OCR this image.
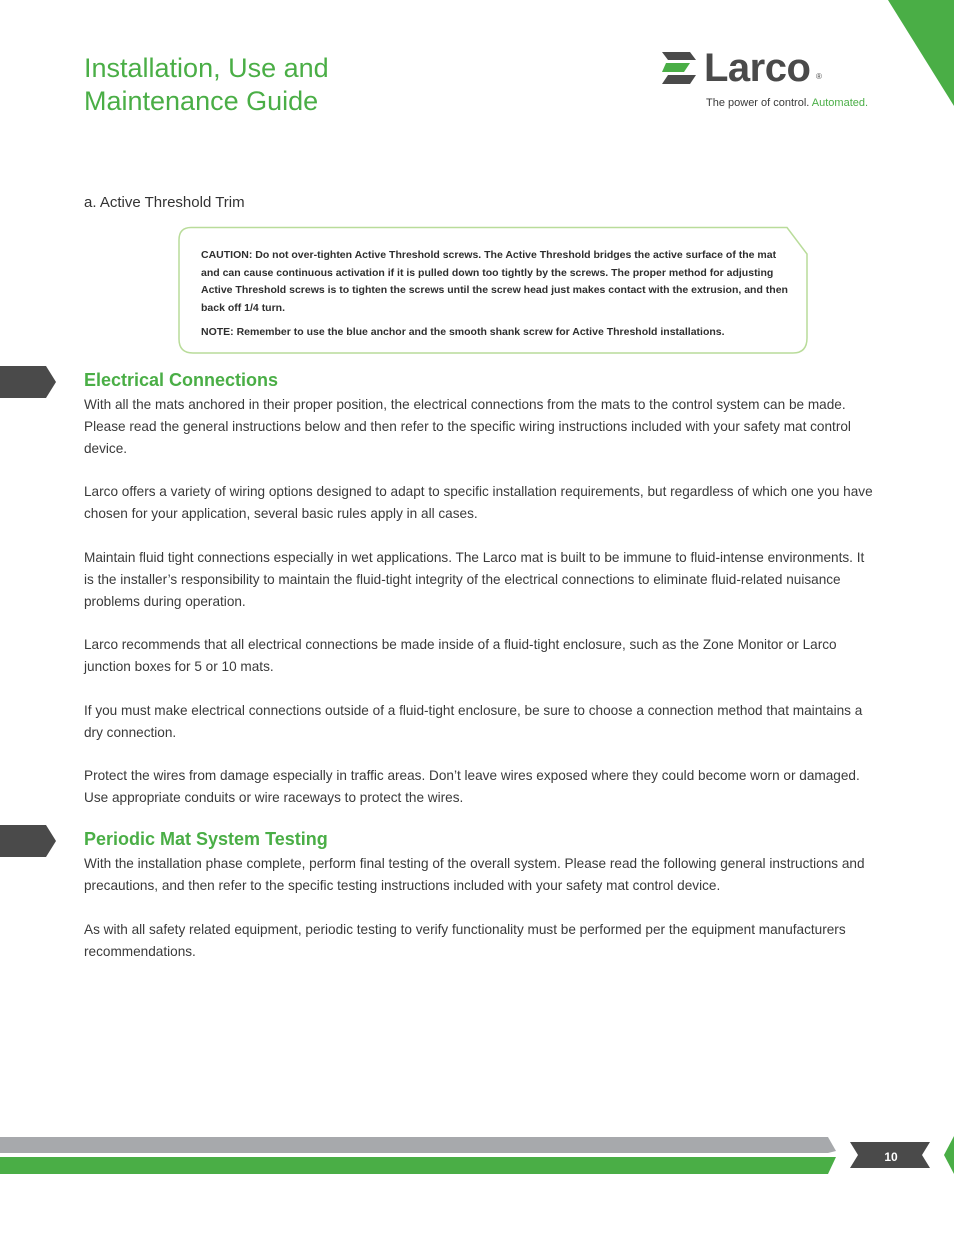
Installation, Use and
Maintenance Guide
Larco ®
The power of control. Automated.
a. Active Threshold Trim

CAUTION: Do not over-tighten Active Threshold screws. The Active Threshold bridges the active surface of the mat and can cause continuous activation if it is pulled down too tightly by the screws. The proper method for adjusting Active Threshold screws is to tighten the screws until the screw head just makes contact with the extrusion, and then back off 1/4 turn.

NOTE: Remember to use the blue anchor and the smooth shank screw for Active Threshold installations.

Electrical Connections

With all the mats anchored in their proper position, the electrical connections from the mats to the control system can be made. Please read the general instructions below and then refer to the specific wiring instructions included with your safety mat control device.

Larco offers a variety of wiring options designed to adapt to specific installation requirements, but regardless of which one you have chosen for your application, several basic rules apply in all cases.

Maintain fluid tight connections especially in wet applications. The Larco mat is built to be immune to fluid-intense environments. It is the installer’s responsibility to maintain the fluid-tight integrity of the electrical connections to eliminate fluid-related nuisance problems during operation.

Larco recommends that all electrical connections be made inside of a fluid-tight enclosure, such as the Zone Monitor or Larco junction boxes for 5 or 10 mats.

If you must make electrical connections outside of a fluid-tight enclosure, be sure to choose a connection method that maintains a dry connection.

Protect the wires from damage especially in traffic areas. Don’t leave wires exposed where they could become worn or damaged. Use appropriate conduits or wire raceways to protect the wires.

Periodic Mat System Testing

With the installation phase complete, perform final testing of the overall system. Please read the following general instructions and precautions, and then refer to the specific testing instructions included with your safety mat control device.

As with all safety related equipment, periodic testing to verify functionality must be performed per the equipment manufacturers recommendations.

10
